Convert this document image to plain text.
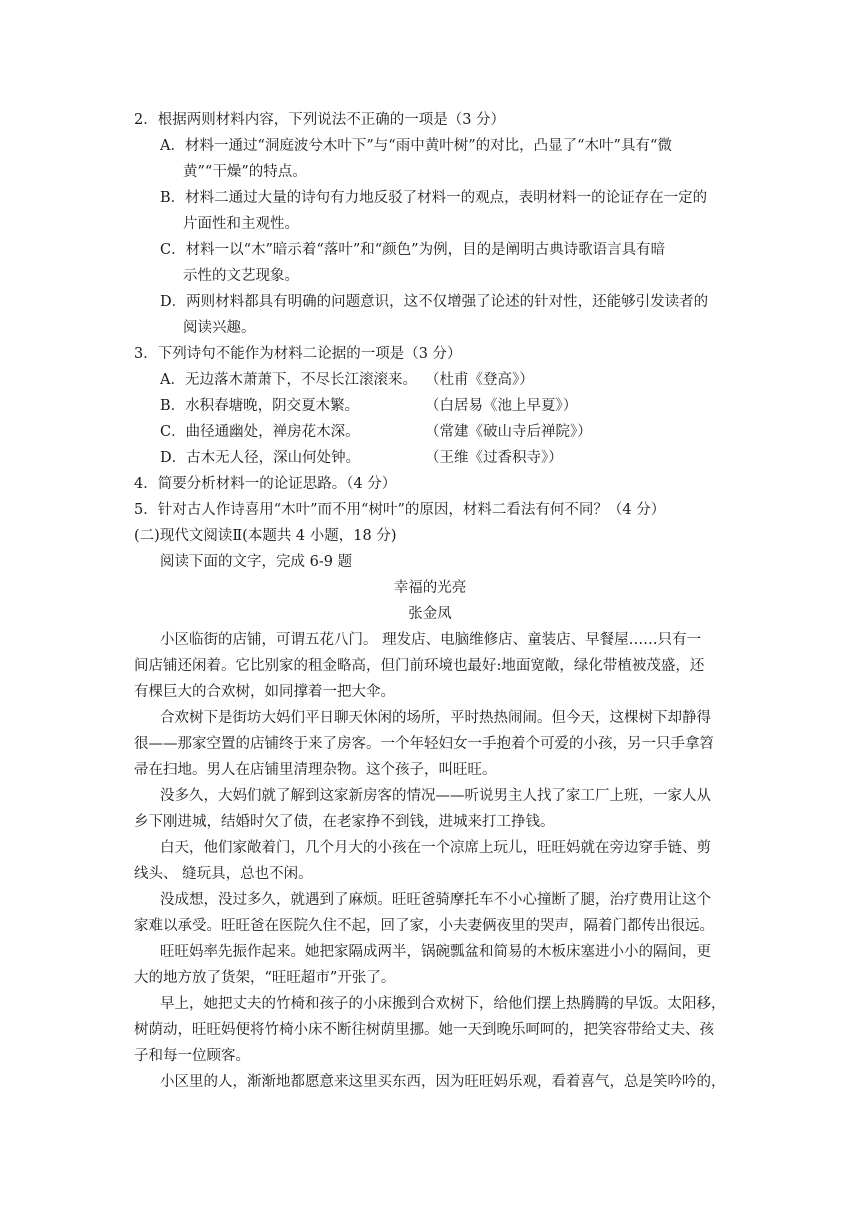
2．根据两则材料内容，下列说法不正确的一项是（3 分）
A．材料一通过“洞庭波兮木叶下”与“雨中黄叶树”的对比，凸显了“木叶”具有“微
黄”“干燥”的特点。
B．材料二通过大量的诗句有力地反驳了材料一的观点，表明材料一的论证存在一定的
片面性和主观性。
C．材料一以“木”暗示着“落叶”和“颜色”为例，目的是阐明古典诗歌语言具有暗
示性的文艺现象。
D．两则材料都具有明确的问题意识，这不仅增强了论述的针对性，还能够引发读者的
阅读兴趣。
3．下列诗句不能作为材料二论据的一项是（3 分）
A．无边落木萧萧下，不尽长江滚滚来。 （杜甫《登高》）
B．水积春塘晚，阴交夏木繁。	（白居易《池上早夏》）
C．曲径通幽处，禅房花木深。	（常建《破山寺后禅院》）
D．古木无人径，深山何处钟。	（王维《过香积寺》）
4．简要分析材料一的论证思路。（4 分）
5．针对古人作诗喜用“木叶”而不用“树叶”的原因，材料二看法有何不同？（4 分）
(二)现代文阅读Ⅱ(本题共 4 小题，18 分)
阅读下面的文字，完成 6-9 题
幸福的光亮
张金凤
小区临街的店铺，可谓五花八门。 理发店、电脑维修店、童装店、早餐屋……只有一
间店铺还闲着。它比别家的租金略高，但门前环境也最好:地面宽敞，绿化带植被茂盛，还
有棵巨大的合欢树，如同撑着一把大伞。
合欢树下是街坊大妈们平日聊天休闲的场所，平时热热闹闹。但今天，这棵树下却静得
很——那家空置的店铺终于来了房客。一个年轻妇女一手抱着个可爱的小孩，另一只手拿笤
帚在扫地。男人在店铺里清理杂物。这个孩子，叫旺旺。
没多久，大妈们就了解到这家新房客的情况——听说男主人找了家工厂上班，一家人从
乡下刚进城，结婚时欠了债，在老家挣不到钱，进城来打工挣钱。
白天，他们家敞着门，几个月大的小孩在一个凉席上玩儿，旺旺妈就在旁边穿手链、剪
线头、 缝玩具，总也不闲。
没成想，没过多久，就遇到了麻烦。旺旺爸骑摩托车不小心撞断了腿，治疗费用让这个
家难以承受。旺旺爸在医院久住不起，回了家，小夫妻俩夜里的哭声，隔着门都传出很远。
旺旺妈率先振作起来。她把家隔成两半，锅碗瓢盆和简易的木板床塞进小小的隔间，更
大的地方放了货架，“旺旺超市”开张了。
早上，她把丈夫的竹椅和孩子的小床搬到合欢树下，给他们摆上热腾腾的早饭。太阳移，
树荫动，旺旺妈便将竹椅小床不断往树荫里挪。她一天到晚乐呵呵的，把笑容带给丈夫、孩
子和每一位顾客。
小区里的人，渐渐地都愿意来这里买东西，因为旺旺妈乐观，看着喜气，总是笑吟吟的，
